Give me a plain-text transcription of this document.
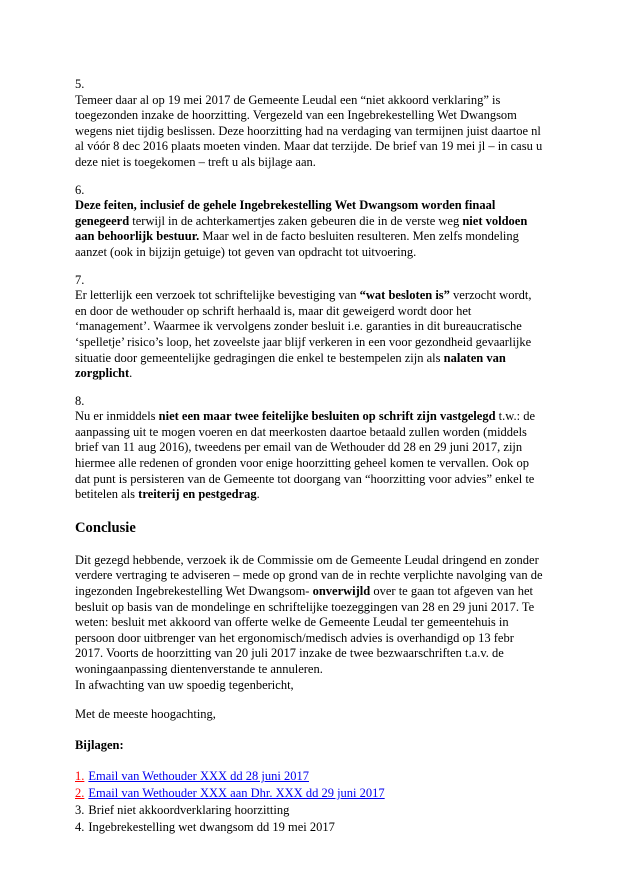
5.
Temeer daar al op 19 mei 2017 de Gemeente Leudal een “niet akkoord verklaring” is toegezonden inzake de hoorzitting. Vergezeld van een Ingebrekestelling Wet Dwangsom wegens niet tijdig beslissen. Deze hoorzitting had na verdaging van termijnen juist daartoe nl al vóór 8 dec 2016 plaats moeten vinden. Maar dat terzijde. De brief van 19 mei jl – in casu u deze niet is toegekomen – treft u als bijlage aan.
6.
Deze feiten, inclusief de gehele Ingebrekestelling Wet Dwangsom worden finaal genegeerd terwijl in de achterkamertjes zaken gebeuren die in de verste weg niet voldoen aan behoorlijk bestuur. Maar wel in de facto besluiten resulteren. Men zelfs mondeling aanzet (ook in bijzijn getuige) tot geven van opdracht tot uitvoering.
7.
Er letterlijk een verzoek tot schriftelijke bevestiging van “wat besloten is” verzocht wordt, en door de wethouder op schrift herhaald is, maar dit geweigerd wordt door het ‘management’. Waarmee ik vervolgens zonder besluit i.e. garanties in dit bureaucratische ‘spelletje’ risico’s loop, het zoveelste jaar blijf verkeren in een voor gezondheid gevaarlijke situatie door gemeentelijke gedragingen die enkel te bestempelen zijn als nalaten van zorgplicht.
8.
Nu er inmiddels niet een maar twee feitelijke besluiten op schrift zijn vastgelegd t.w.: de aanpassing uit te mogen voeren en dat meerkosten daartoe betaald zullen worden (middels brief van 11 aug 2016), tweedens per email van de Wethouder dd 28 en 29 juni 2017, zijn hiermee alle redenen of gronden voor enige hoorzitting geheel komen te vervallen. Ook op dat punt is persisteren van de Gemeente tot doorgang van “hoorzitting voor advies” enkel te betitelen als treiterij en pestgedrag.
Conclusie
Dit gezegd hebbende, verzoek ik de Commissie om de Gemeente Leudal dringend en zonder verdere vertraging te adviseren – mede op grond van de in rechte verplichte navolging van de ingezonden Ingebrekestelling Wet Dwangsom- onverwijld over te gaan tot afgeven van het besluit op basis van de mondelinge en schriftelijke toezeggingen van 28 en 29 juni 2017. Te weten: besluit met akkoord van offerte welke de Gemeente Leudal ter gemeentehuis in persoon door uitbrenger van het ergonomisch/medisch advies is overhandigd op 13 febr 2017. Voorts de hoorzitting van 20 juli 2017 inzake de twee bezwaarschriften t.a.v. de woningaanpassing dientenverstande te annuleren.
In afwachting van uw spoedig tegenbericht,
Met de meeste hoogachting,
Bijlagen:
1. Email van Wethouder XXX dd 28 juni 2017
2. Email van Wethouder XXX aan Dhr. XXX dd 29 juni 2017
3. Brief niet akkoordverklaring hoorzitting
4. Ingebrekestelling wet dwangsom dd 19 mei 2017
